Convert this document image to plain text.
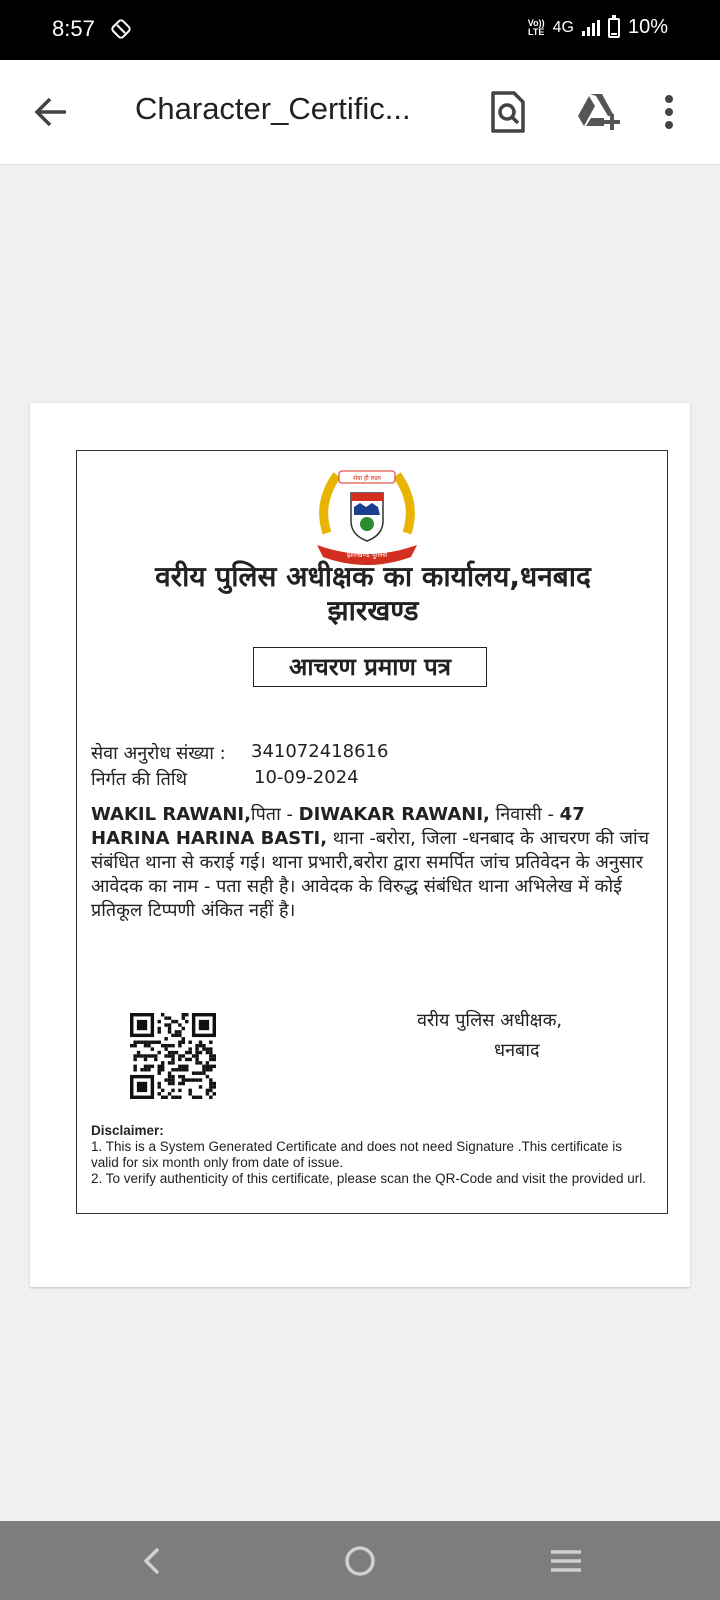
8:57	Vo))
LTE 4G	10%
Character_Certific...
सेवा ही लक्ष्य
झारखण्ड पुलिस
वरीय पुलिस अधीक्षक का कार्यालय,धनबाद
झारखण्ड
आचरण प्रमाण पत्र
सेवा अनुरोध संख्या : 341072418616
निर्गत की तिथि	10-09-2024
WAKIL RAWANI,पिता - DIWAKAR RAWANI, निवासी - 47 HARINA HARINA BASTI, थाना -बरोरा, जिला -धनबाद के आचरण की जांच संबंधित थाना से कराई गई। थाना प्रभारी,बरोरा द्वारा समर्पित जांच प्रतिवेदन के अनुसार आवेदक का नाम - पता सही है। आवेदक के विरुद्ध संबंधित थाना अभिलेख में कोई प्रतिकूल टिप्पणी अंकित नहीं है।
वरीय पुलिस अधीक्षक,
धनबाद
Disclaimer:
1. This is a System Generated Certificate and does not need Signature .This certificate is valid for six month only from date of issue.
2. To verify authenticity of this certificate, please scan the QR-Code and visit the provided url.
